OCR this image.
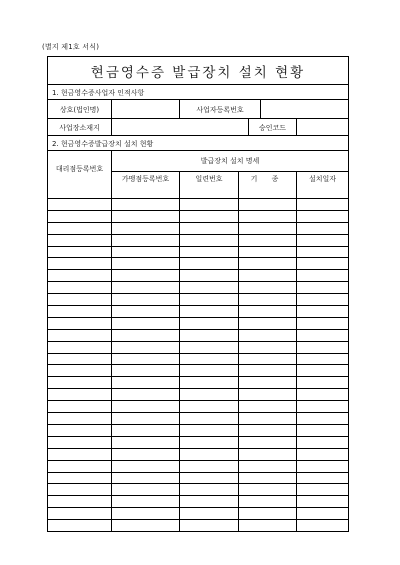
(별지 제1호 서식)
현금영수증 발급장치 설치 현황
1. 현금영수증사업자 인적사항
상호(법인명)	사업자등록번호
사업장소재지	승인코드
2. 현금영수증발급장치 설치 현황
대리점등록번호
발급장치 설치 명세
가맹점등록번호	일련번호	기 종	설치일자
